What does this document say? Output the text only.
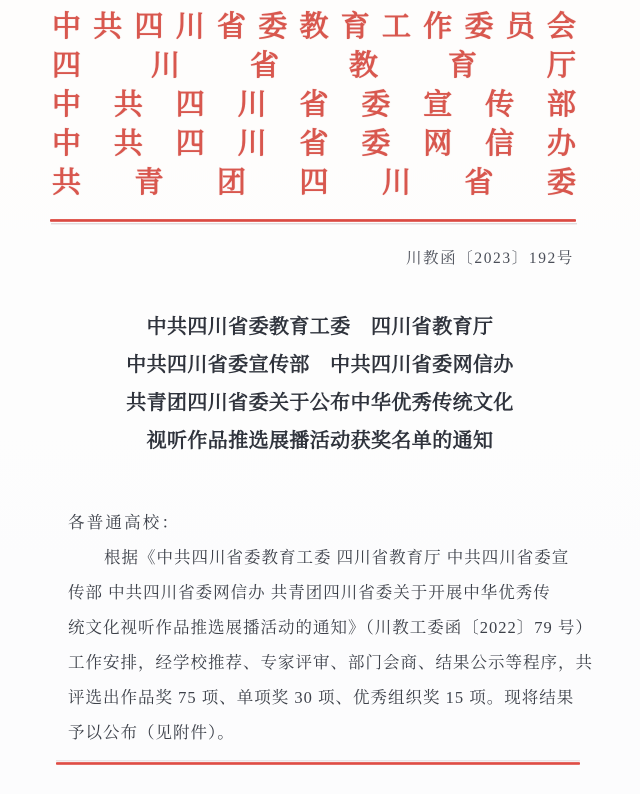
中共四川省委教育工作委员会
四川省教育厅
中共四川省委宣传部
中共四川省委网信办
共青团四川省委
川教函〔2023〕192号
中共四川省委教育工委　四川省教育厅
中共四川省委宣传部　中共四川省委网信办
共青团四川省委关于公布中华优秀传统文化
视听作品推选展播活动获奖名单的通知
各普通高校：
根据《中共四川省委教育工委 四川省教育厅 中共四川省委宣
传部 中共四川省委网信办 共青团四川省委关于开展中华优秀传
统文化视听作品推选展播活动的通知》（川教工委函〔2022〕79 号）
工作安排，经学校推荐、专家评审、部门会商、结果公示等程序，共
评选出作品奖 75 项、单项奖 30 项、优秀组织奖 15 项。现将结果
予以公布（见附件）。
